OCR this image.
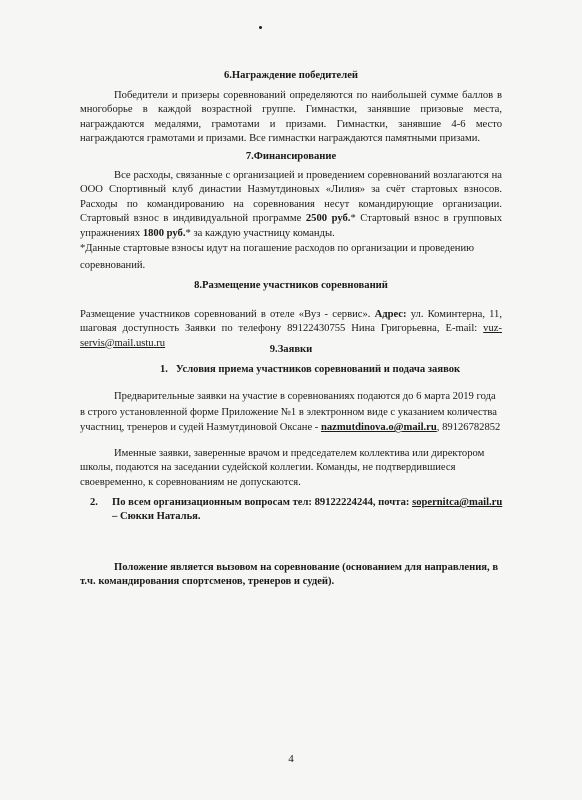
6.Награждение победителей

Победители и призеры соревнований определяются по наибольшей сумме баллов в многоборье в каждой возрастной группе. Гимнастки, занявшие призовые места, награждаются медалями, грамотами и призами. Гимнастки, занявшие 4-6 место награждаются грамотами и призами. Все гимнастки награждаются памятными призами.

7.Финансирование

Все расходы, связанные с организацией и проведением соревнований возлагаются на ООО Спортивный клуб династии Назмутдиновых «Лилия» за счёт стартовых взносов. Расходы по командированию на соревнования несут командирующие организации. Стартовый взнос в индивидуальной программе 2500 руб.* Стартовый взнос в групповых упражнениях 1800 руб.* за каждую участницу команды.

*Данные стартовые взносы идут на погашение расходов по организации и проведению соревнований.

8.Размещение участников соревнований

Размещение участников соревнований в отеле «Вуз - сервис». Адрес: ул. Коминтерна, 11, шаговая доступность Заявки по телефону 89122430755 Нина Григорьевна, E-mail: vuz-servis@mail.ustu.ru

9.Заявки
1. Условия приема участников соревнований и подача заявок

Предварительные заявки на участие в соревнованиях подаются до 6 марта 2019 года в строго установленной форме Приложение №1 в электронном виде с указанием количества участниц, тренеров и судей Назмутдиновой Оксане - nazmutdinova.o@mail.ru, 89126782852

Именные заявки, заверенные врачом и председателем коллектива или директором школы, подаются на заседании судейской коллегии. Команды, не подтвердившиеся своевременно, к соревнованиям не допускаются.

2.	По всем организационным вопросам тел: 89122224244, почта: sopernitca@mail.ru – Сюкки Наталья.

Положение является вызовом на соревнование (основанием для направления, в т.ч. командирования спортсменов, тренеров и судей).

4
